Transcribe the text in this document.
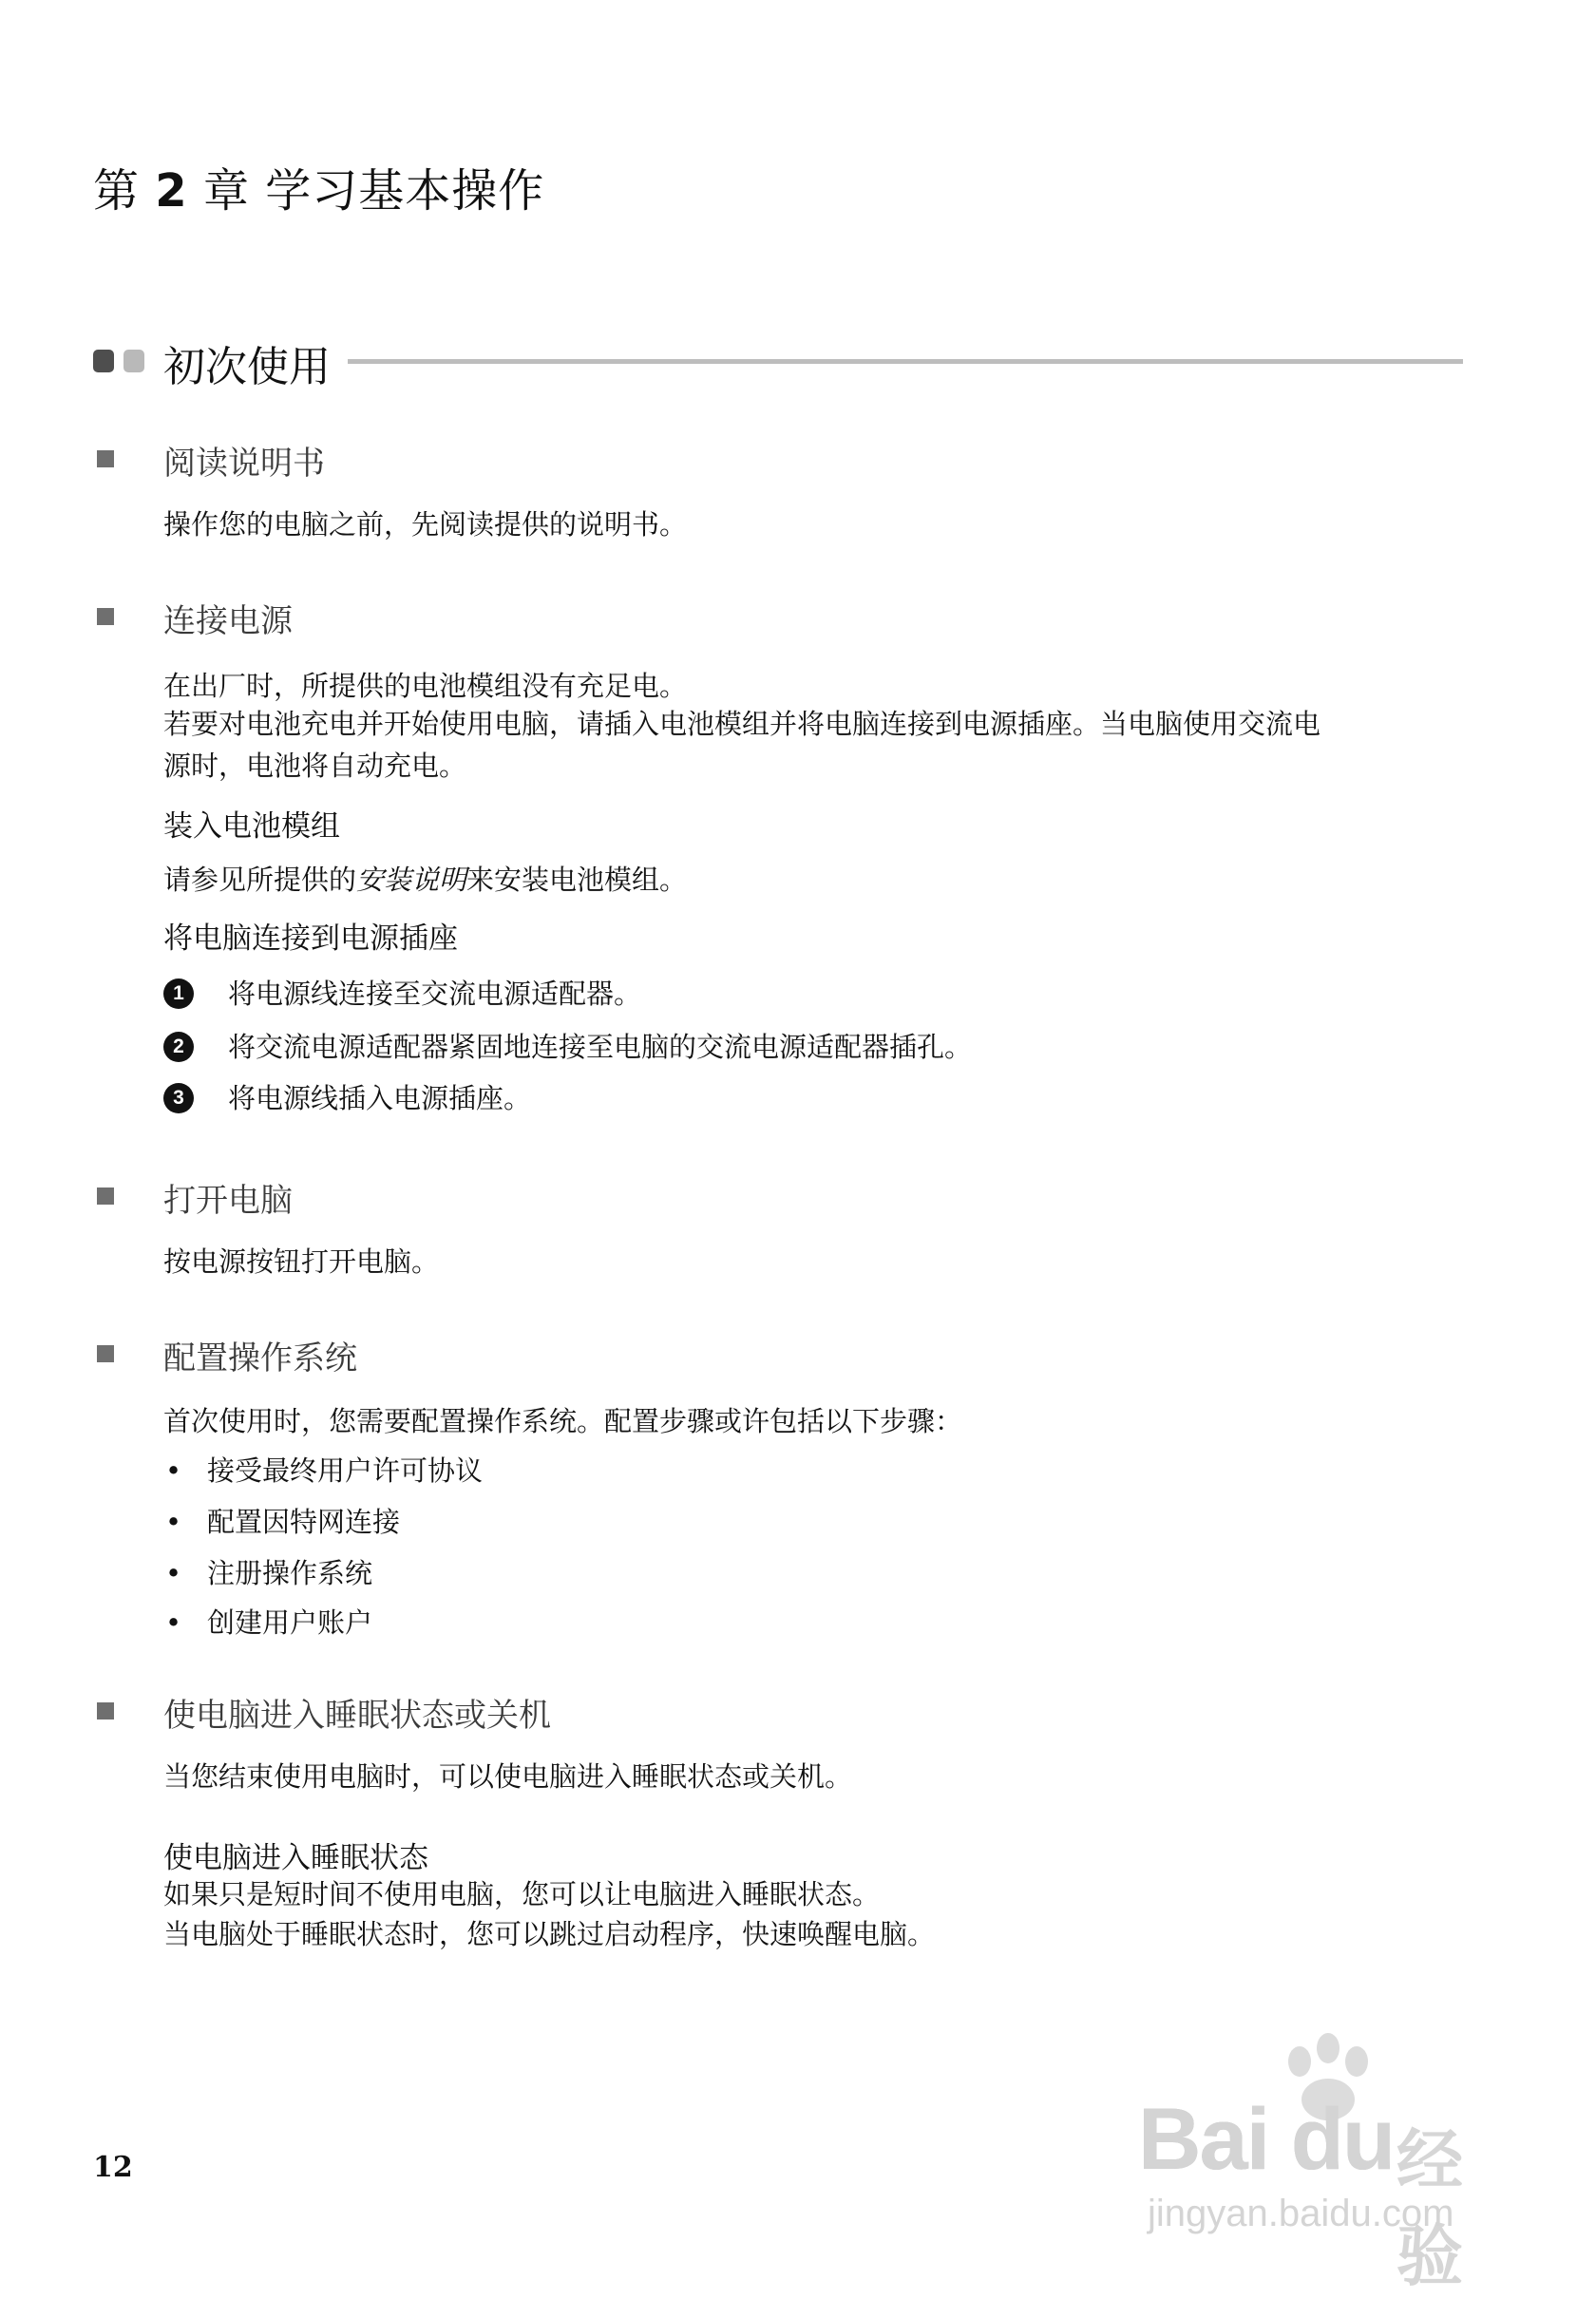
第 2 章 学习基本操作
初次使用
阅读说明书
操作您的电脑之前，先阅读提供的说明书。
连接电源
在出厂时，所提供的电池模组没有充足电。
若要对电池充电并开始使用电脑，请插入电池模组并将电脑连接到电源插座。当电脑使用交流电
源时，电池将自动充电。
装入电池模组
请参见所提供的安装说明来安装电池模组。
将电脑连接到电源插座
1	将电源线连接至交流电源适配器。
2	将交流电源适配器紧固地连接至电脑的交流电源适配器插孔。
3	将电源线插入电源插座。
打开电脑
按电源按钮打开电脑。
配置操作系统
首次使用时，您需要配置操作系统。配置步骤或许包括以下步骤：
• 接受最终用户许可协议
• 配置因特网连接
• 注册操作系统
• 创建用户账户
使电脑进入睡眠状态或关机
当您结束使用电脑时，可以使电脑进入睡眠状态或关机。
使电脑进入睡眠状态
如果只是短时间不使用电脑，您可以让电脑进入睡眠状态。
当电脑处于睡眠状态时，您可以跳过启动程序，快速唤醒电脑。
12	Bai du 经验
jingyan.baidu.com
